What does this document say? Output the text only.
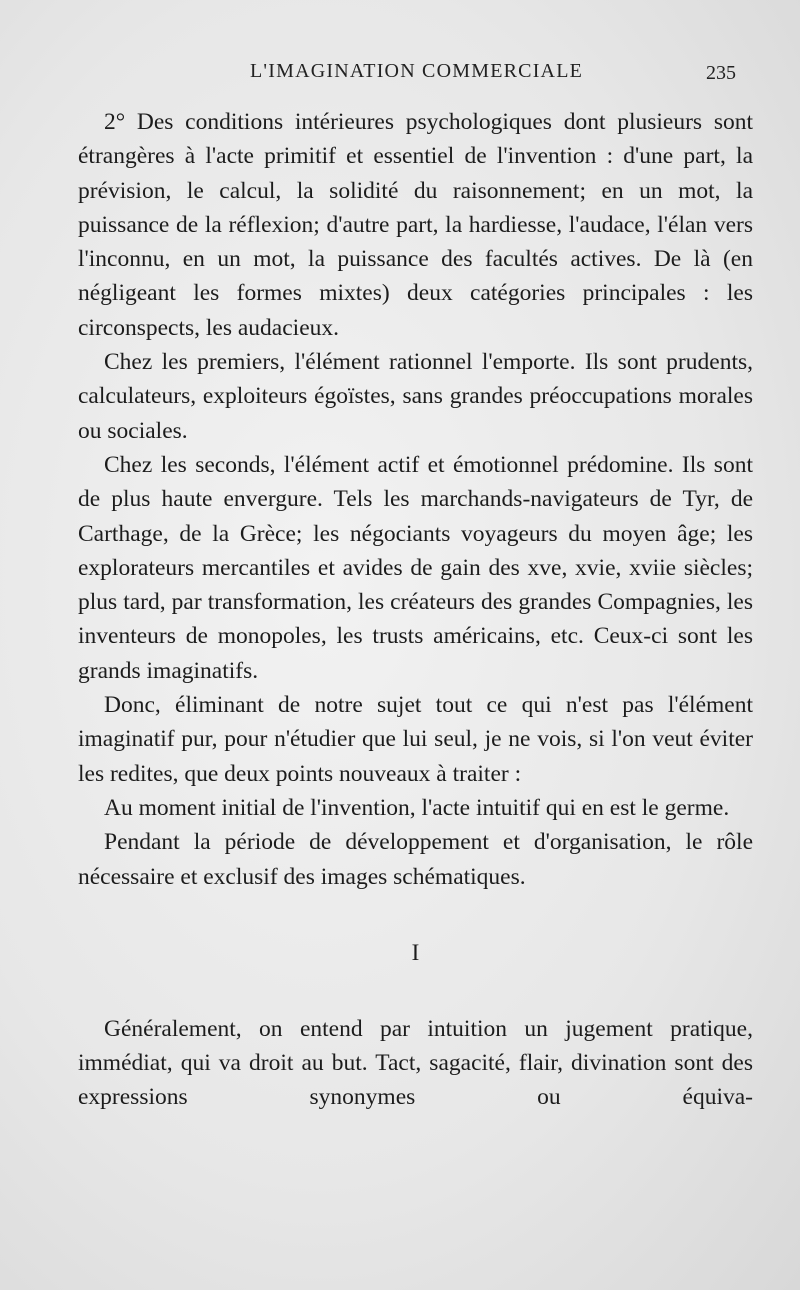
L'IMAGINATION COMMERCIALE	235

2° Des conditions intérieures psychologiques dont plusieurs sont étrangères à l'acte primitif et essentiel de l'invention : d'une part, la prévision, le calcul, la solidité du raisonnement; en un mot, la puissance de la réflexion; d'autre part, la hardiesse, l'audace, l'élan vers l'inconnu, en un mot, la puissance des facultés actives. De là (en négligeant les formes mixtes) deux catégories principales : les circonspects, les audacieux.

Chez les premiers, l'élément rationnel l'emporte. Ils sont prudents, calculateurs, exploiteurs égoïstes, sans grandes préoccupations morales ou sociales.

Chez les seconds, l'élément actif et émotionnel prédomine. Ils sont de plus haute envergure. Tels les marchands-navigateurs de Tyr, de Carthage, de la Grèce; les négociants voyageurs du moyen âge; les explorateurs mercantiles et avides de gain des xve, xvie, xviie siècles; plus tard, par transformation, les créateurs des grandes Compagnies, les inventeurs de monopoles, les trusts américains, etc. Ceux-ci sont les grands imaginatifs.

Donc, éliminant de notre sujet tout ce qui n'est pas l'élément imaginatif pur, pour n'étudier que lui seul, je ne vois, si l'on veut éviter les redites, que deux points nouveaux à traiter :

Au moment initial de l'invention, l'acte intuitif qui en est le germe.

Pendant la période de développement et d'organisation, le rôle nécessaire et exclusif des images schématiques.

I

Généralement, on entend par intuition un jugement pratique, immédiat, qui va droit au but. Tact, sagacité, flair, divination sont des expressions synonymes ou équiva-
